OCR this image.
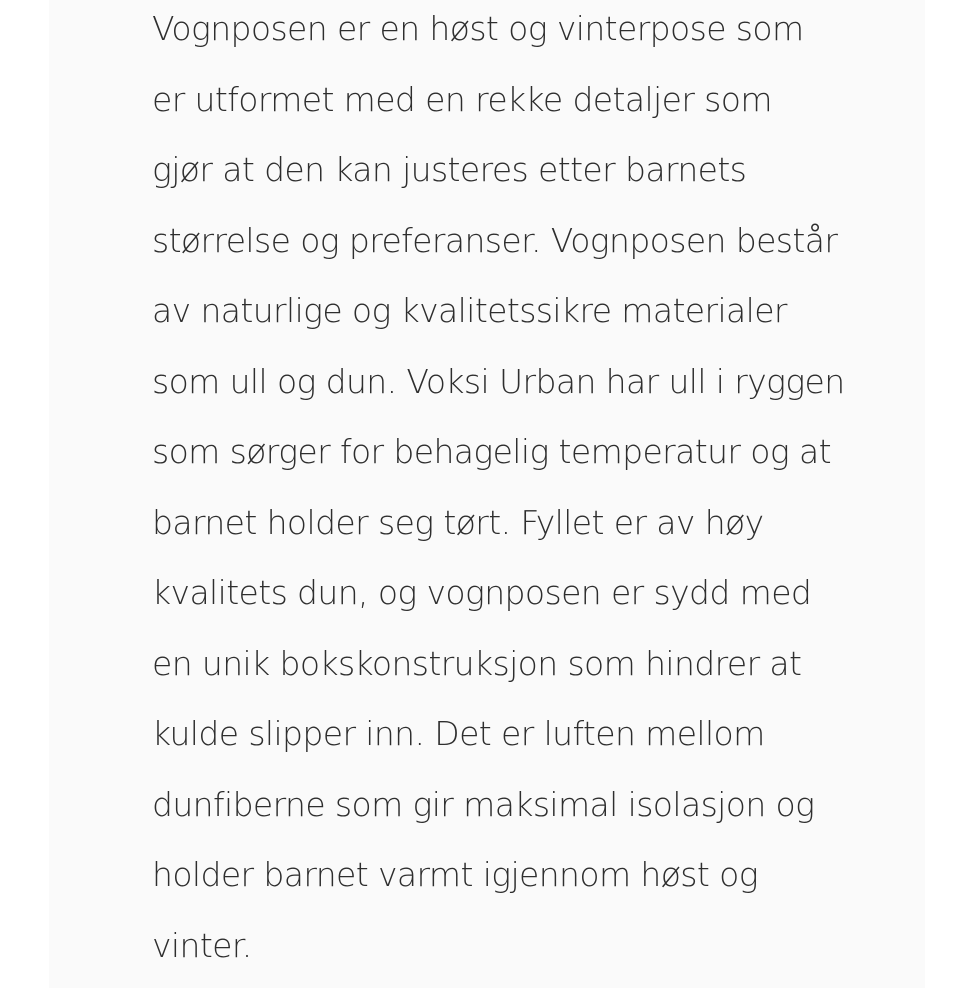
Vognposen er en høst og vinterpose som
er utformet med en rekke detaljer som
gjør at den kan justeres etter barnets
størrelse og preferanser. Vognposen består
av naturlige og kvalitetssikre materialer
som ull og dun. Voksi Urban har ull i ryggen
som sørger for behagelig temperatur og at
barnet holder seg tørt. Fyllet er av høy
kvalitets dun, og vognposen er sydd med
en unik bokskonstruksjon som hindrer at
kulde slipper inn. Det er luften mellom
dunfiberne som gir maksimal isolasjon og
holder barnet varmt igjennom høst og
vinter.
